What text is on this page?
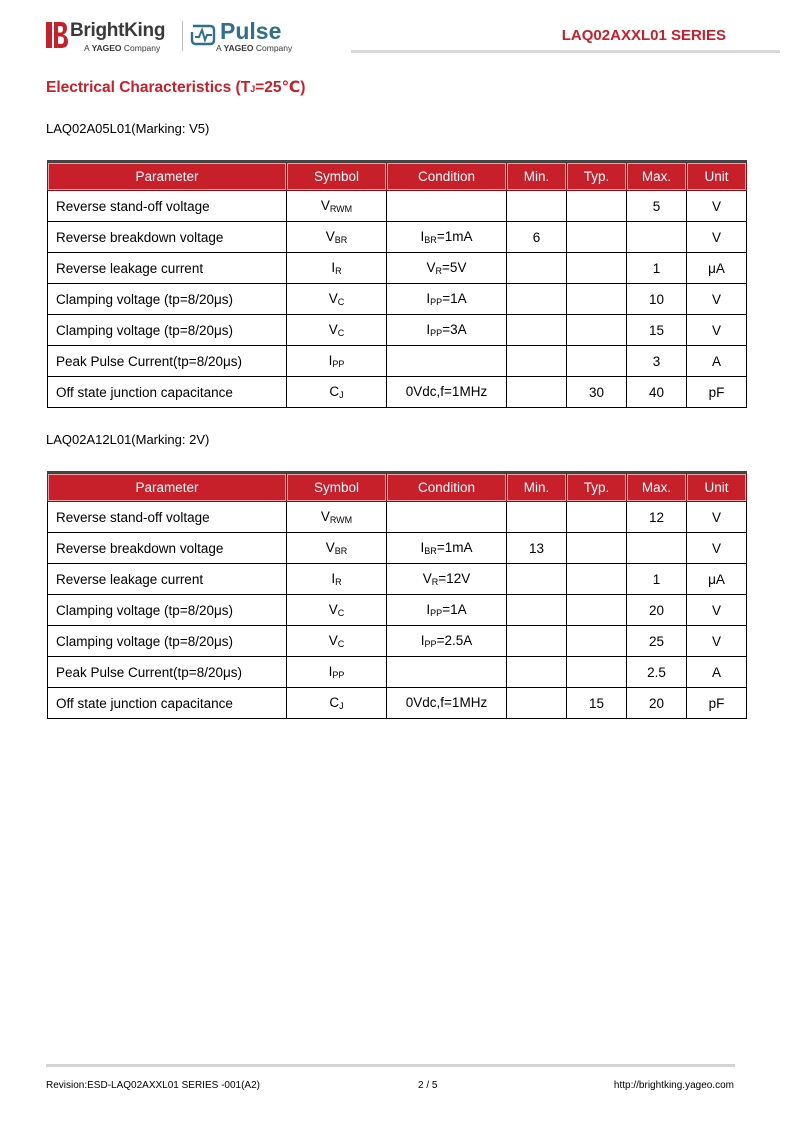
BrightKing
A YAGEO Company
Pulse
A YAGEO Company
LAQ02AXXL01 SERIES
Electrical Characteristics (TJ=25℃)
LAQ02A05L01(Marking: V5)
Parameter	Symbol	Condition	Min.	Typ.	Max.	Unit
Reverse stand-off voltage	VRWM				5	V
Reverse breakdown voltage	VBR	IBR=1mA	6			V
Reverse leakage current	IR	VR=5V			1	μA
Clamping voltage (tp=8/20μs)	VC	IPP=1A			10	V
Clamping voltage (tp=8/20μs)	VC	IPP=3A			15	V
Peak Pulse Current(tp=8/20μs)	IPP				3	A
Off state junction capacitance	CJ	0Vdc,f=1MHz		30	40	pF
LAQ02A12L01(Marking: 2V)
Parameter	Symbol	Condition	Min.	Typ.	Max.	Unit
Reverse stand-off voltage	VRWM				12	V
Reverse breakdown voltage	VBR	IBR=1mA	13			V
Reverse leakage current	IR	VR=12V			1	μA
Clamping voltage (tp=8/20μs)	VC	IPP=1A			20	V
Clamping voltage (tp=8/20μs)	VC	IPP=2.5A			25	V
Peak Pulse Current(tp=8/20μs)	IPP				2.5	A
Off state junction capacitance	CJ	0Vdc,f=1MHz		15	20	pF
Revision:ESD-LAQ02AXXL01 SERIES -001(A2)	2 / 5	http://brightking.yageo.com
